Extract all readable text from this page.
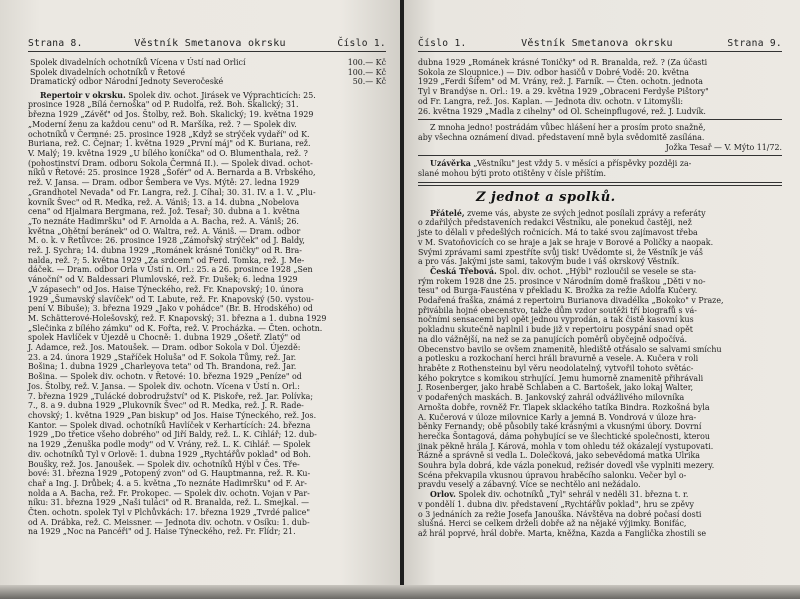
Strana 8.	Věstník Smetanova okrsku	Číslo 1.
Spolek divadelních ochotníků Vícena v Ústí nad Orlicí	100.— Kč
Spolek divadelních ochotníků v Řetové	100.— Kč
Dramatický odbor Národní Jednoty Severočeské	50.— Kč
Repertoir v okrsku. Spolek div. ochot. Jirásek ve Výprachticích: 25.
prosince 1928 „Bílá černoška" od P. Rudolfa, rež. Boh. Skalický; 31.
března 1929 „Závěť" od Jos. Štolby, rež. Boh. Skalický; 19. května 1929
„Moderní ženu za každou cenu" od R. Maršíka, rež. ? — Spolek div.
ochotníků v Čermné: 25. prosince 1928 „Když se strýček vydaří" od K.
Buriana, rež. C. Čejnar; 1. května 1929 „První máj" od K. Buriana, rež.
V. Malý; 19. května 1929 „U bílého koníčka" od O. Blumenthala, rež. ?
(pohostinství Dram. odboru Sokola Čermná II.). — Spolek divad. ochot-
níků v Řetové: 25. prosince 1928 „Šofér" od A. Bernarda a B. Vrbského,
rež. V. Jansa. — Dram. odbor Šembera ve Vys. Mýtě: 27. ledna 1929
„Grandhotel Nevada" od Fr. Langra, rež. J. Cíhal; 30. 31. IV. a 1. V. „Plu-
kovník Švec" od R. Medka, rež. A. Vániš; 13. a 14. dubna „Nobelova
cena" od Hjalmara Bergmana, rež. Jož. Tesař; 30. dubna a 1. května
„To neznáte Hadimršku" od F. Arnolda a A. Bacha, rež. A. Vániš; 26.
května „Ohětní beránek" od O. Waltra, rež. A. Vániš. — Dram. odbor
M. o. k. v Řetůvce: 26. prosince 1928 „Zámořský strýček" od J. Baldy,
rež. J. Sychra; 14. dubna 1929 „Románek krásné Toničky" od R. Bra-
nalda, rež. ?; 5. května 1929 „Za srdcem" od Ferd. Tomka, rež. J. Me-
dáček. — Dram. odbor Orla v Ústí n. Orl.: 25. a 26. prosince 1928 „Sen
vánoční" od V. Baldessari Plumlovské, rež. Fr. Dušek; 6. ledna 1929
„V zápasech" od Jos. Haise Týneckého, rež. Fr. Knapovský; 10. února
1929 „Šumavský slavíček" od T. Labute, rež. Fr. Knapovský (50. vystou-
pení V. Bibuše); 3. března 1929 „Jako v pohádce" (Br. B. Hrodského) od
M. Schätterové-Holešovský, rež. F. Knapovský; 31. března a 1. dubna 1929
„Slečinka z bílého zámku" od K. Fořta, rež. V. Procházka. — Čten. ochotn.
spolek Havlíček v Újezdě u Chocně: 1. dubna 1929 „Ošetř. Zlatý" od
J. Adamce, rež. Jos. Matoušek. — Dram. odbor Sokola v Dol. Újezdě:
23. a 24. února 1929 „Staříček Holuša" od F. Sokola Tůmy, rež. Jar.
Bošina; 1. dubna 1929 „Charleyova teta" od Th. Brandona, rež. Jar.
Bošina. — Spolek div. ochotn. v Řetové: 10. března 1929 „Peníze" od
Jos. Štolby, rež. V. Jansa. — Spolek div. ochotn. Vícena v Ústí n. Orl.:
7. března 1929 „Tulácké dobrodružství" od K. Piskoře, rež. Jar. Polívka;
7., 8. a 9. dubna 1929 „Plukovník Švec" od R. Medka, rež. J. R. Rade-
chovský; 1. května 1929 „Pan biskup" od Jos. Haise Týneckého, rež. Jos.
Kantor. — Spolek divad. ochotníků Havlíček v Kerhartících: 24. března
1929 „Do třetice všeho dobrého" od Jiří Baldy, rež. L. K. Cihlář; 12. dub-
na 1929 „Ženuška podle mody" od V. Vrány, rež. L. K. Cihlář. — Spolek
div. ochotníků Tyl v Orlově: 1. dubna 1929 „Rychtářův poklad" od Boh.
Boušky, rež. Jos. Janoušek. — Spolek div. ochotníků Hýbl v Čes. Tře-
bové: 31. března 1929 „Potopený zvon" od G. Hauptmanna, rež. R. Ku-
chař a Ing. J. Drůbek; 4. a 5. května „To neznáte Hadimršku" od F. Ar-
nolda a A. Bacha, rež. Fr. Prokopec. — Spolek div. ochotn. Vojan v Par-
níku: 31. března 1929 „Naši tuláci" od R. Branalda, rež. L. Smejkal. —
Čten. ochotn. spolek Tyl v Plchůvkách: 17. března 1929 „Tvrdé palice"
od A. Drábka, rež. C. Meissner. — Jednota div. ochotn. v Osíku: 1. dub-
na 1929 „Noc na Pancéři" od J. Haise Týneckého, rež. Fr. Flídr; 21.
Číslo 1.	Věstník Smetanova okrsku	Strana 9.
dubna 1929 „Románek krásné Toničky" od R. Branalda, rež. ? (Za účasti
Sokola ze Sloupnice.) — Div. odbor hasičů v Dobré Vodě: 20. května
1929 „Ferdi Šífem" od M. Vrány, rež. J. Farník. — Čten. ochotn. jednota
Tyl v Brandýse n. Orl.: 19. a 29. května 1929 „Obraceni Ferdyše Pištory"
od Fr. Langra, rež. Jos. Kaplan. — Jednota div. ochotn. v Litomyšli:
26. května 1929 „Madla z cihelny" od Ol. Scheinpflugové, rež. J. Ludvík.
Z mnoha jedno! postrádám vůbec hlášení her a prosím proto snažně,
aby všechna oznámení divad. představení mně byla svědomitě zasílána.
Jožka Tesař — V. Mýto 11/72.
Uzávěrka „Věstníku" jest vždy 5. v měsíci a příspěvky později za-
slané mohou býti proto otištěny v čísle příštím.
Z jednot a spolků.
Přátelé, zveme vás, abyste ze svých jednot posílali zprávy a referáty
o zdařilých představeních redakci Věstníku, ale ponekud častěji, než
jste to dělali v předešlých ročnicích. Má to také svou zajímavost třeba
v M. Svatoňovicích co se hraje a jak se hraje v Borové a Poličky a naopak.
Svými zprávami sami zpestříte svůj tisk! Uvědomte si, že Věstník je váš
a pro vás. Jakými jste sami, takovým bude i váš okrskový Věstník.
Česká Třebová. Spol. div. ochot. „Hýbl" rozloučil se vesele se sta-
rým rokem 1928 dne 25. prosince v Národním domě fraškou „Děti v no-
tesu" od Burga-Fausténa v překladu K. Brožka za režie Adolfa Kučery.
Podařená fraška, známá z repertoiru Burianova divadélka „Bokoko" v Praze,
přivábila hojné obecenstvo, takže dům vzdor soutěži tří biografů s vá-
nočními sensacemi byl opět jednou vyprodán, a tak čistě kasovní kus
pokladnu skutečně naplnil i bude již v repertoiru posypání snad opět
na dlo vážnější, na než se za panujících poměrů obyčejně odpočívá.
Obecenstvo bavilo se ovšem znamenitě, hlediště otřásalo se salvami smíchu
a potlesku a rozkochaní herci hráli bravurně a vesele. A. Kučera v roli
hraběte z Rothensteinu byl věru neodolatelný, vytvořil tohoto světác-
kého pokrytce s komikou strhující. Jemu humorně znamenitě přihrávali
J. Rosenberger, jako hrabě Schlaben a C. Bartošek, jako lokaj Walter,
v podařených maskách. B. Jankovský zahrál odvážlivého milovníka
Arnošta dobře, rovněž Fr. Tlapek sklackého tatíka Bindra. Rozkošná byla
A. Kučerová v úloze milovnice Karly a jemná B. Vondrová v úloze hra-
běnky Fernandy; obě působily také krásnými a vkusnými úbory. Dovrní
herečka Šontagová, dáma pohybující se ve šlechtické společnosti, kterou
jinak pěkně hrála J. Kárová, mohla v tom ohledu též okázalejí vystupovati.
Rázně a správně si vedla L. Dolečková, jako sebevědomá matka Ulrika
Souhra byla dobrá, kde vázla ponekud, režisér dovedl vše vyplniti mezery.
Scéna překvapila vkusnou úpravou hraběcího salonku. Večer byl o-
pravdu veselý a zábavný. Více se nechtělo ani nežádalo.
Orlov. Spolek div. ochotníků „Tyl" sehrál v neděli 31. března t. r.
v pondělí 1. dubna div. představení „Rychtářův poklad", hru se zpěvy
o 3 jednáních za režie Josefa Janouška. Návštěva na dobré počasí dosti
slušná. Herci se celkem drželi dobře až na nějaké výjimky. Bonifác,
až hrál poprvé, hrál dobře. Marta, kněžna, Kazda a Fanglička zhostili se
